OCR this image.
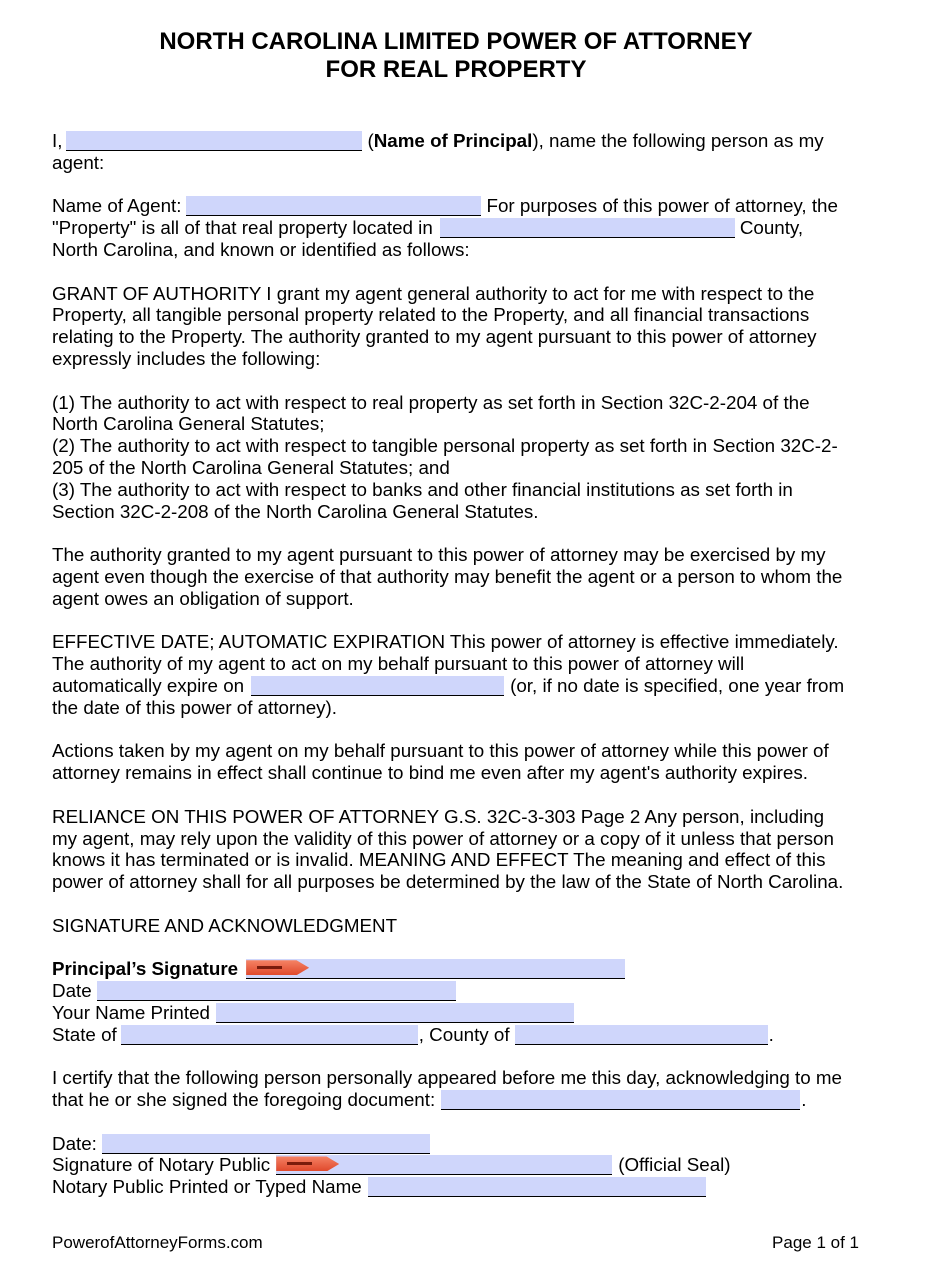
NORTH CAROLINA LIMITED POWER OF ATTORNEY
FOR REAL PROPERTY
I,	(Name of Principal), name the following person as my
agent:
Name of Agent:	For purposes of this power of attorney, the
"Property" is all of that real property located in	County,
North Carolina, and known or identified as follows:
GRANT OF AUTHORITY I grant my agent general authority to act for me with respect to the
Property, all tangible personal property related to the Property, and all financial transactions
relating to the Property. The authority granted to my agent pursuant to this power of attorney
expressly includes the following:
(1) The authority to act with respect to real property as set forth in Section 32C-2-204 of the
North Carolina General Statutes;
(2) The authority to act with respect to tangible personal property as set forth in Section 32C-2-
205 of the North Carolina General Statutes; and
(3) The authority to act with respect to banks and other financial institutions as set forth in
Section 32C-2-208 of the North Carolina General Statutes.
The authority granted to my agent pursuant to this power of attorney may be exercised by my
agent even though the exercise of that authority may benefit the agent or a person to whom the
agent owes an obligation of support.
EFFECTIVE DATE; AUTOMATIC EXPIRATION This power of attorney is effective immediately.
The authority of my agent to act on my behalf pursuant to this power of attorney will
automatically expire on	(or, if no date is specified, one year from
the date of this power of attorney).
Actions taken by my agent on my behalf pursuant to this power of attorney while this power of
attorney remains in effect shall continue to bind me even after my agent's authority expires.
RELIANCE ON THIS POWER OF ATTORNEY G.S. 32C-3-303 Page 2 Any person, including
my agent, may rely upon the validity of this power of attorney or a copy of it unless that person
knows it has terminated or is invalid. MEANING AND EFFECT The meaning and effect of this
power of attorney shall for all purposes be determined by the law of the State of North Carolina.
SIGNATURE AND ACKNOWLEDGMENT
Principal’s Signature
Date
Your Name Printed
State of	, County of	.
I certify that the following person personally appeared before me this day, acknowledging to me
that he or she signed the foregoing document:	.
Date:
Signature of Notary Public	(Official Seal)
Notary Public Printed or Typed Name
PowerofAttorneyForms.com	Page 1 of 1
